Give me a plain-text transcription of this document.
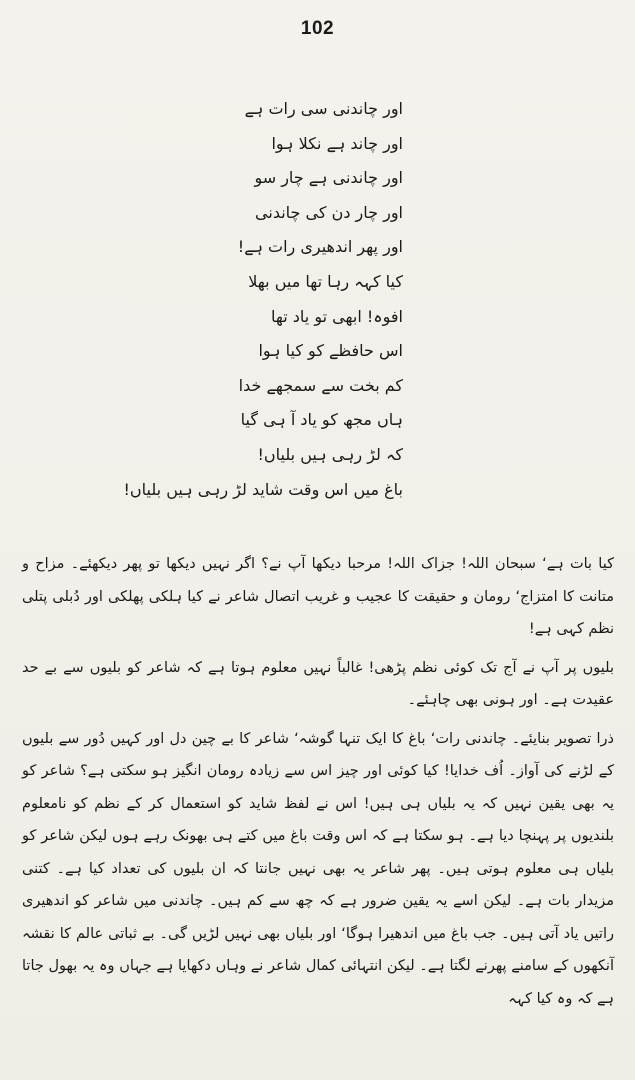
102
اور چاندنی سی رات ہے
اور چاند ہے نکلا ہوا
اور چاندنی ہے چار سو
اور چار دن کی چاندنی
اور پھر اندھیری رات ہے!
کیا کہہ رہا تھا میں بھلا
افوہ! ابھی تو یاد تھا
اس حافظے کو کیا ہوا
کم بخت سے سمجھے خدا
ہاں مجھ کو یاد آ ہی گیا
کہ لڑ رہی ہیں بلیاں!
باغ میں اس وقت شاید لڑ رہی ہیں بلیاں!

کیا بات ہے‘ سبحان اللہ! جزاک اللہ! مرحبا دیکھا آپ نے؟ اگر نہیں دیکھا تو پھر دیکھئے۔ مزاح و متانت کا امتزاج‘ رومان و حقیقت کا عجیب و غریب اتصال شاعر نے کیا ہلکی پھلکی اور دُبلی پتلی نظم کہی ہے!

بلیوں پر آپ نے آج تک کوئی نظم پڑھی! غالباً نہیں معلوم ہوتا ہے کہ شاعر کو بلیوں سے بے حد عقیدت ہے۔ اور ہونی بھی چاہئے۔

ذرا تصویر بنایئے۔ چاندنی رات‘ باغ کا ایک تنہا گوشہ‘ شاعر کا بے چین دل اور کہیں دُور سے بلیوں کے لڑنے کی آواز۔ اُف خدایا! کیا کوئی اور چیز اس سے زیادہ رومان انگیز ہو سکتی ہے؟ شاعر کو یہ بھی یقین نہیں کہ یہ بلیاں ہی ہیں! اس نے لفظ شاید کو استعمال کر کے نظم کو نامعلوم بلندیوں پر پہنچا دیا ہے۔ ہو سکتا ہے کہ اس وقت باغ میں کتے ہی بھونک رہے ہوں لیکن شاعر کو بلیاں ہی معلوم ہوتی ہیں۔ پھر شاعر یہ بھی نہیں جانتا کہ ان بلیوں کی تعداد کیا ہے۔ کتنی مزیدار بات ہے۔ لیکن اسے یہ یقین ضرور ہے کہ چھ سے کم ہیں۔ چاندنی میں شاعر کو اندھیری راتیں یاد آتی ہیں۔ جب باغ میں اندھیرا ہوگا‘ اور بلیاں بھی نہیں لڑیں گی۔ بے ثباتی عالم کا نقشہ آنکھوں کے سامنے پھرنے لگتا ہے۔ لیکن انتہائی کمال شاعر نے وہاں دکھایا ہے جہاں وہ یہ بھول جاتا ہے کہ وہ کیا کہہ
